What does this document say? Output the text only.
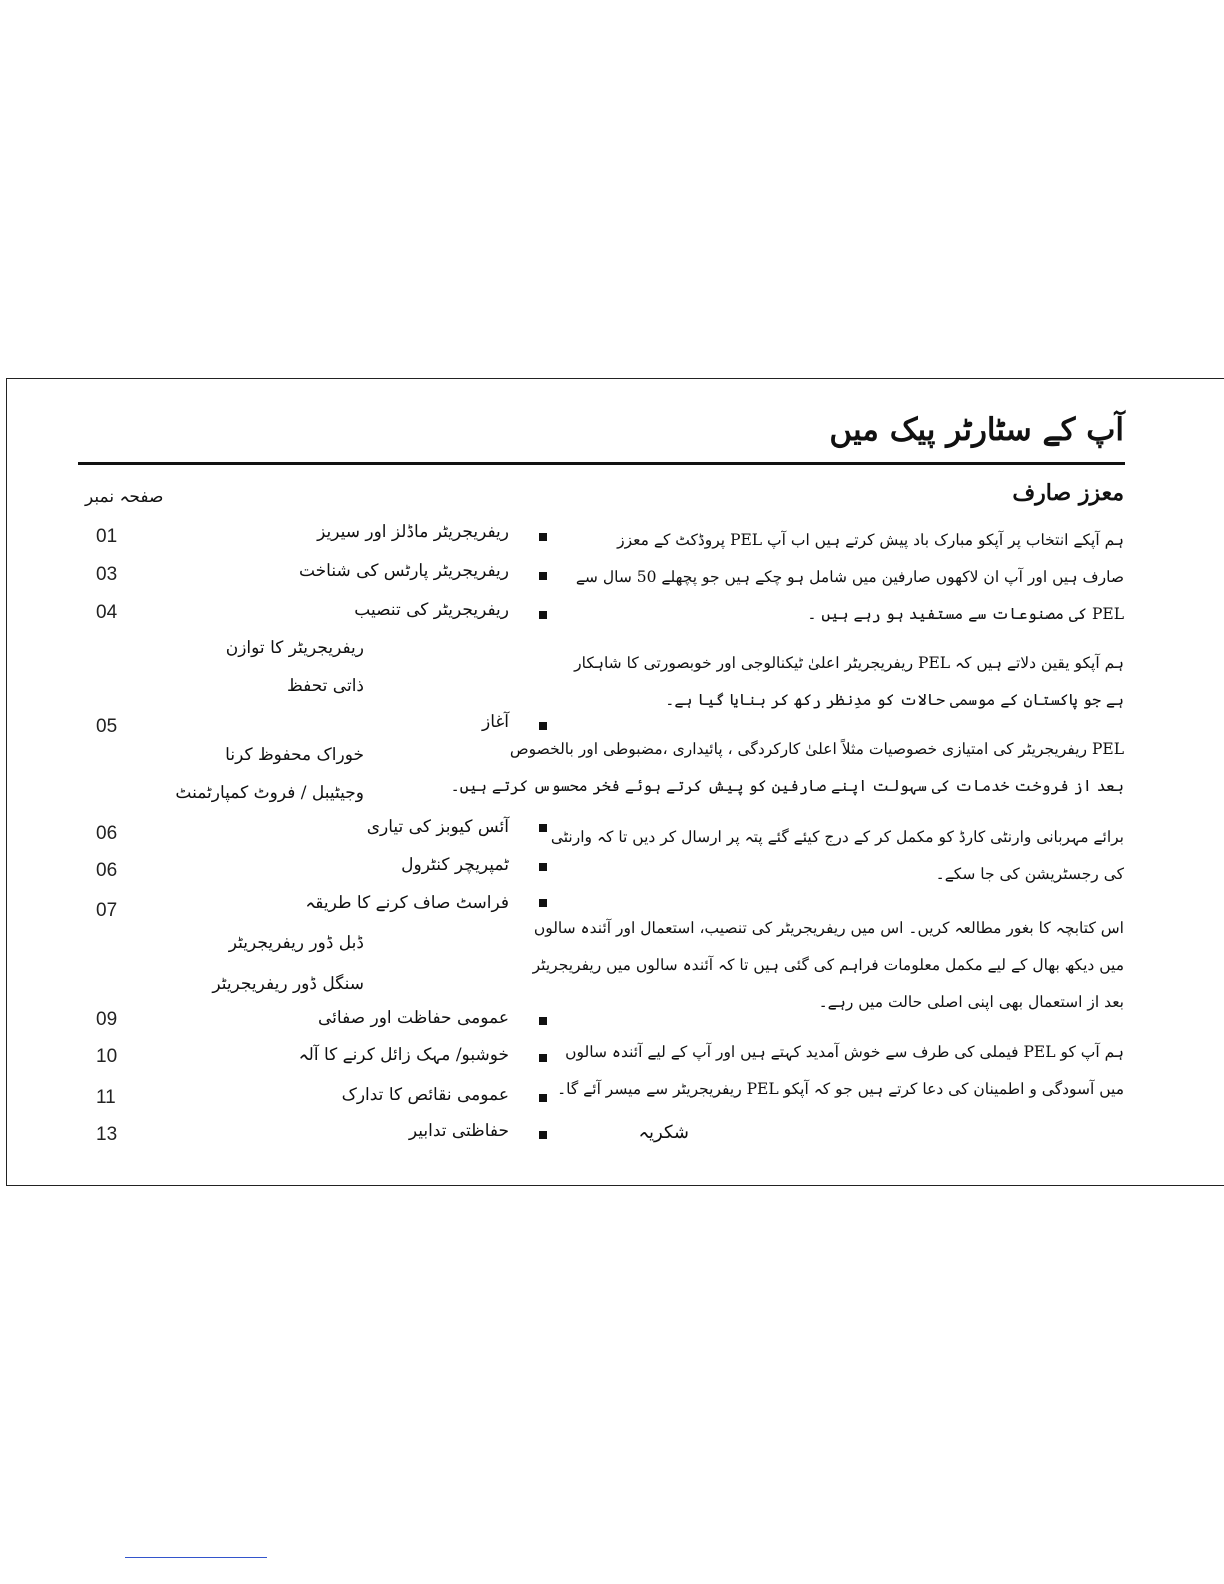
آپ کے سٹارٹر پیک میں
معزز صارف

ہم آپکے انتخاب پر آپکو مبارک باد پیش کرتے ہیں اب آپ PEL پروڈکٹ کے معزز
صارف ہیں اور آپ ان لاکھوں صارفین میں شامل ہو چکے ہیں جو پچھلے 50 سال سے
PEL کی مصنوعات سے مستفید ہو رہے ہیں ۔

ہم آپکو یقین دلاتے ہیں کہ PEL ریفریجریٹر اعلیٰ ٹیکنالوجی اور خوبصورتی کا شاہکار
ہے جو پاکستان کے موسمی حالات کو مدِنظر رکھ کر بنایا گیا ہے۔

PEL ریفریجریٹر کی امتیازی خصوصیات مثلاً اعلیٰ کارکردگی ، پائیداری ،مضبوطی اور بالخصوص
بعد از فروخت خدمات کی سہولت اپنے صارفین کو پیش کرتے ہوئے فخر محسوس کرتے ہیں۔

برائے مہربانی وارنٹی کارڈ کو مکمل کر کے درج کیئے گئے پتہ پر ارسال کر دیں تا کہ وارنٹی
کی رجسٹریشن کی جا سکے۔

اس کتابچہ کا بغور مطالعہ کریں۔ اس میں ریفریجریٹر کی تنصیب، استعمال اور آئندہ سالوں
میں دیکھ بھال کے لیے مکمل معلومات فراہم کی گئی ہیں تا کہ آئندہ سالوں میں ریفریجریٹر
بعد از استعمال بھی اپنی اصلی حالت میں رہے۔

ہم آپ کو PEL فیملی کی طرف سے خوش آمدید کہتے ہیں اور آپ کے لیے آئندہ سالوں
میں آسودگی و اطمینان کی دعا کرتے ہیں جو کہ آپکو PEL ریفریجریٹر سے میسر آئے گا۔

شکریہ
صفحہ نمبر
01	ریفریجریٹر ماڈلز اور سیریز
03	ریفریجریٹر پارٹس کی شناخت
04	ریفریجریٹر کی تنصیب
ریفریجریٹر کا توازن
ذاتی تحفظ
05	آغاز
خوراک محفوظ کرنا
وجیٹیبل / فروٹ کمپارٹمنٹ
06	آئس کیوبز کی تیاری
06	ٹمپریچر کنٹرول
07	فراسٹ صاف کرنے کا طریقہ
ڈبل ڈور ریفریجریٹر
سنگل ڈور ریفریجریٹر
09	عمومی حفاظت اور صفائی
10	خوشبو/ مہک زائل کرنے کا آلہ
11	عمومی نقائص کا تدارک
13	حفاظتی تدابیر
